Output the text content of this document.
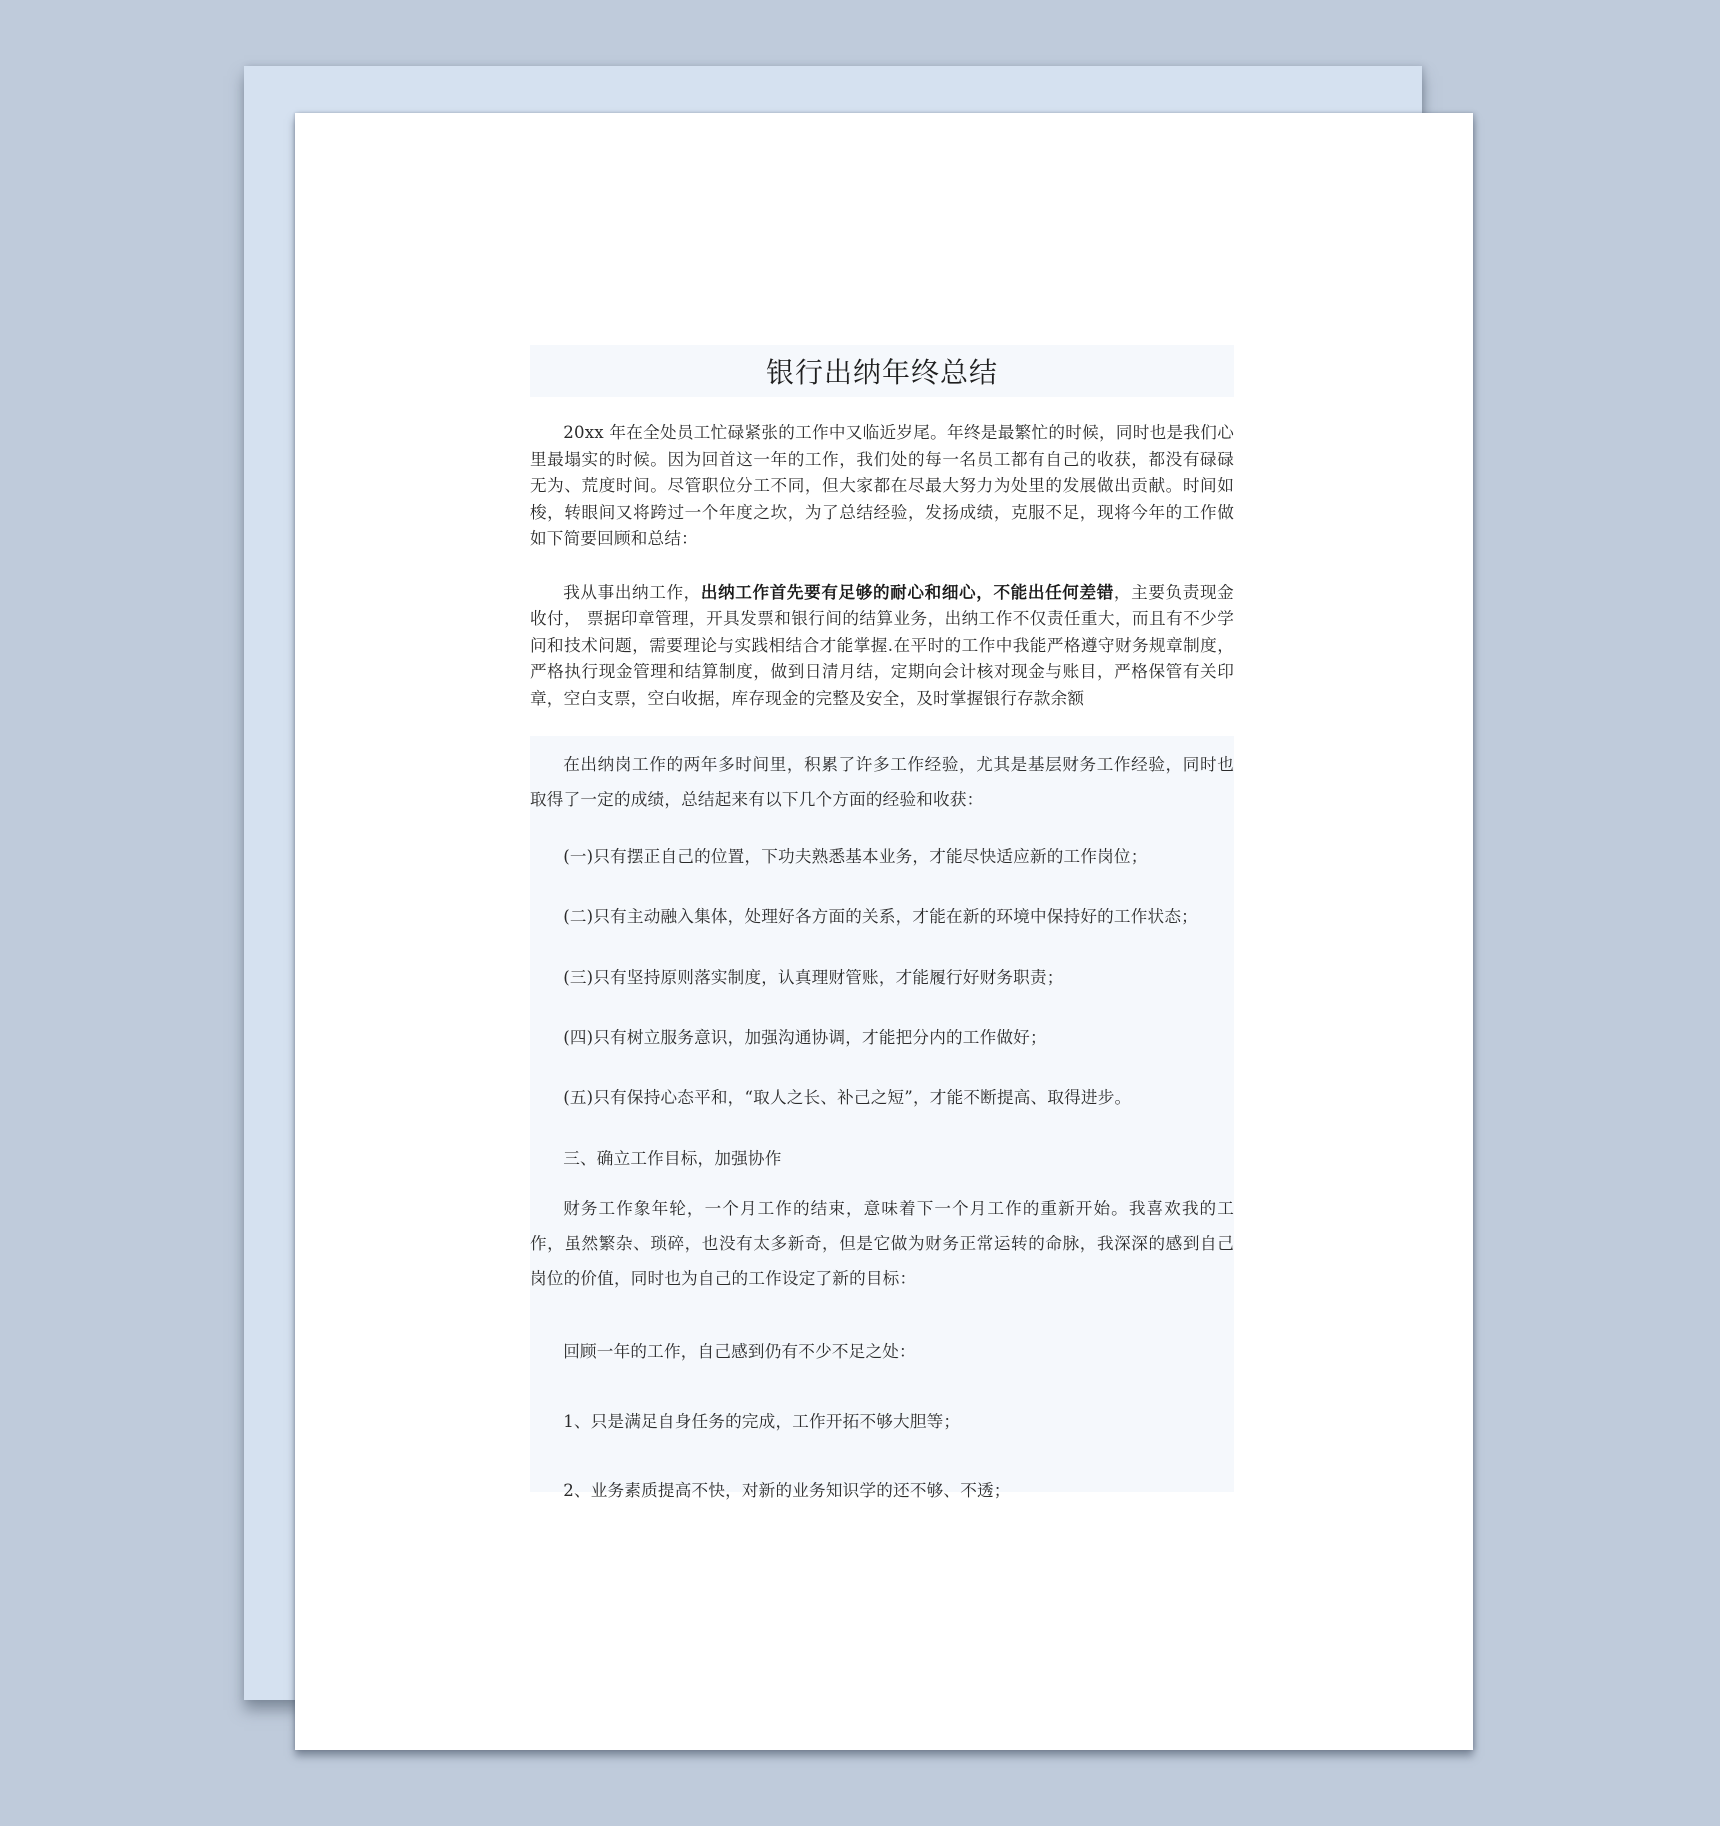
银行出纳年终总结

20xx 年在全处员工忙碌紧张的工作中又临近岁尾。年终是最繁忙的时候，同时也是我们心里最塌实的时候。因为回首这一年的工作，我们处的每一名员工都有自己的收获，都没有碌碌无为、荒度时间。尽管职位分工不同，但大家都在尽最大努力为处里的发展做出贡献。时间如梭，转眼间又将跨过一个年度之坎，为了总结经验，发扬成绩，克服不足，现将今年的工作做如下简要回顾和总结：

我从事出纳工作，出纳工作首先要有足够的耐心和细心，不能出任何差错，主要负责现金收付， 票据印章管理，开具发票和银行间的结算业务，出纳工作不仅责任重大，而且有不少学问和技术问题，需要理论与实践相结合才能掌握.在平时的工作中我能严格遵守财务规章制度，严格执行现金管理和结算制度，做到日清月结，定期向会计核对现金与账目，严格保管有关印章，空白支票，空白收据，库存现金的完整及安全，及时掌握银行存款余额

在出纳岗工作的两年多时间里，积累了许多工作经验，尤其是基层财务工作经验，同时也取得了一定的成绩，总结起来有以下几个方面的经验和收获：

(一)只有摆正自己的位置，下功夫熟悉基本业务，才能尽快适应新的工作岗位；

(二)只有主动融入集体，处理好各方面的关系，才能在新的环境中保持好的工作状态；

(三)只有坚持原则落实制度，认真理财管账，才能履行好财务职责；

(四)只有树立服务意识，加强沟通协调，才能把分内的工作做好；

(五)只有保持心态平和，“取人之长、补己之短”，才能不断提高、取得进步。

三、确立工作目标，加强协作

财务工作象年轮，一个月工作的结束，意味着下一个月工作的重新开始。我喜欢我的工作，虽然繁杂、琐碎，也没有太多新奇，但是它做为财务正常运转的命脉，我深深的感到自己岗位的价值，同时也为自己的工作设定了新的目标：

回顾一年的工作，自己感到仍有不少不足之处：

1、只是满足自身任务的完成，工作开拓不够大胆等；

2、业务素质提高不快，对新的业务知识学的还不够、不透；
